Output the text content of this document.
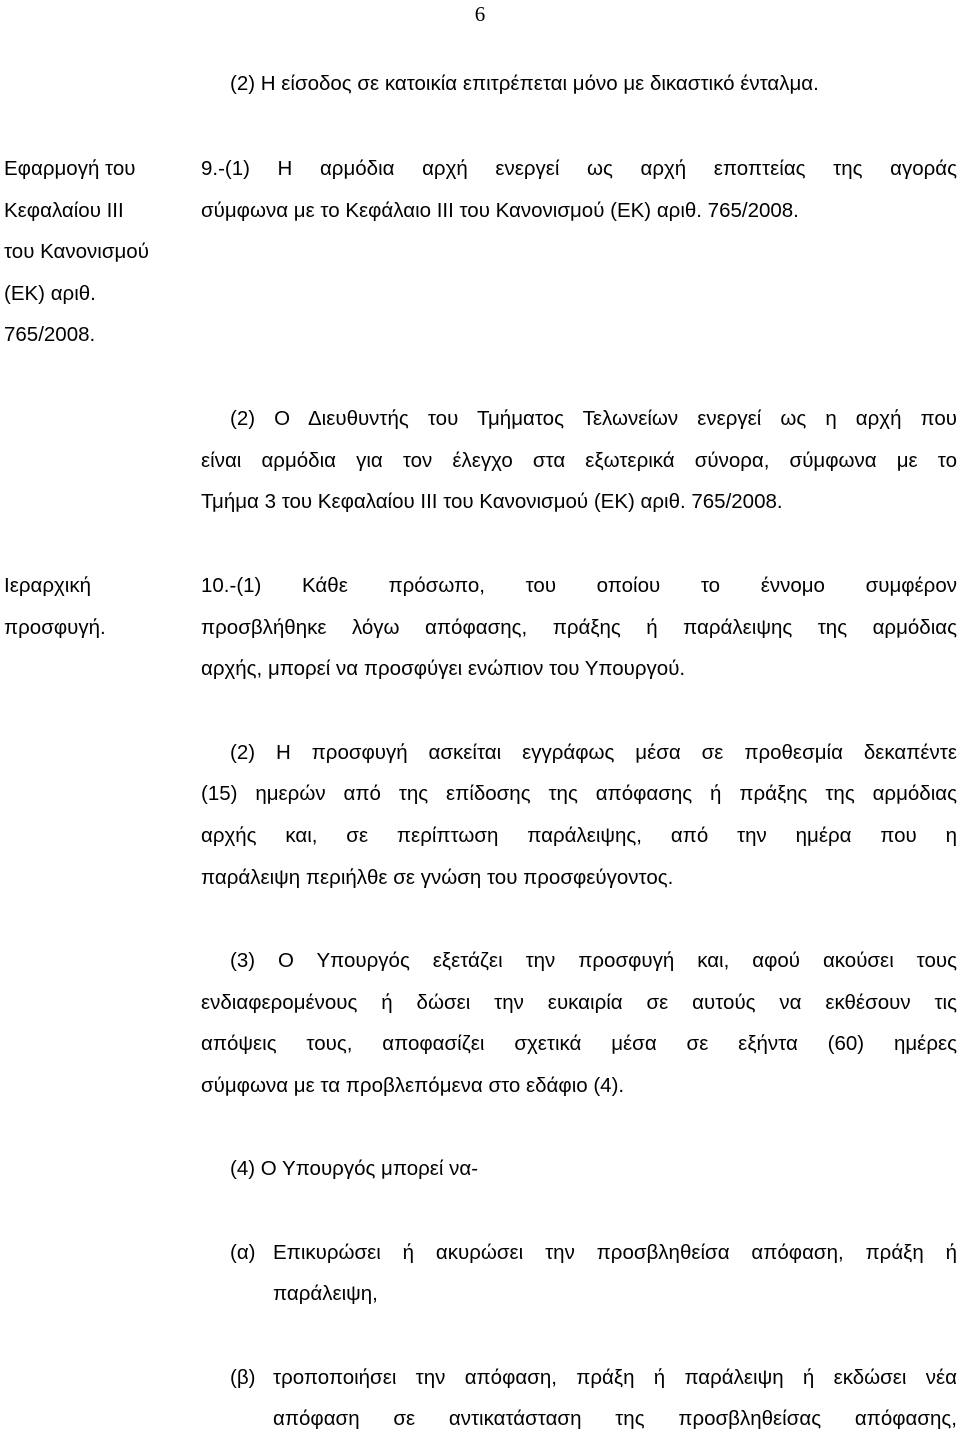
6
(2) Η είσοδος σε κατοικία επιτρέπεται μόνο με δικαστικό ένταλμα.
Εφαρμογή του
Κεφαλαίου III
του Κανονισμού
(ΕΚ) αριθ.
765/2008.
9.-(1) Η αρμόδια αρχή ενεργεί ως αρχή εποπτείας της αγοράς
σύμφωνα με το Κεφάλαιο III του Κανονισμού (ΕΚ) αριθ. 765/2008.
(2) Ο Διευθυντής του Τμήματος Τελωνείων ενεργεί ως η αρχή που
είναι αρμόδια για τον έλεγχο στα εξωτερικά σύνορα, σύμφωνα με το
Τμήμα 3 του Κεφαλαίου III του Κανονισμού (ΕΚ) αριθ. 765/2008.
Ιεραρχική
προσφυγή.
10.-(1) Κάθε πρόσωπο, του οποίου το έννομο συμφέρον
προσβλήθηκε λόγω απόφασης, πράξης ή παράλειψης της αρμόδιας
αρχής, μπορεί να προσφύγει ενώπιον του Υπουργού.
(2) Η προσφυγή ασκείται εγγράφως μέσα σε προθεσμία δεκαπέντε
(15) ημερών από της επίδοσης της απόφασης ή πράξης της αρμόδιας
αρχής και, σε περίπτωση παράλειψης, από την ημέρα που η
παράλειψη περιήλθε σε γνώση του προσφεύγοντος.
(3) Ο Υπουργός εξετάζει την προσφυγή και, αφού ακούσει τους
ενδιαφερομένους ή δώσει την ευκαιρία σε αυτούς να εκθέσουν τις
απόψεις τους, αποφασίζει σχετικά μέσα σε εξήντα (60) ημέρες
σύμφωνα με τα προβλεπόμενα στο εδάφιο (4).
(4) Ο Υπουργός μπορεί να-
(α) Επικυρώσει ή ακυρώσει την προσβληθείσα απόφαση, πράξη ή
παράλειψη,
(β) τροποποιήσει την απόφαση, πράξη ή παράλειψη ή εκδώσει νέα
απόφαση σε αντικατάσταση της προσβληθείσας απόφασης,
